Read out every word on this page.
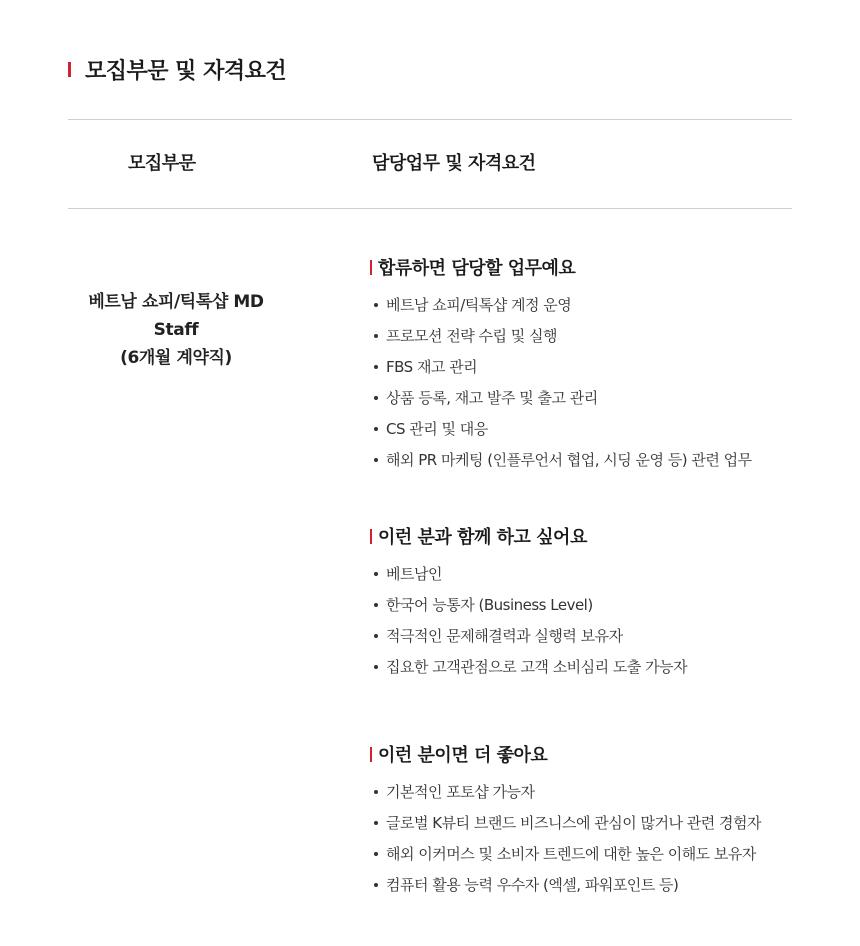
모집부문 및 자격요건
모집부문	담당업무 및 자격요건
베트남 쇼피/틱톡샵 MD
Staff
(6개월 계약직)
합류하면 담당할 업무예요
베트남 쇼피/틱톡샵 계정 운영
프로모션 전략 수립 및 실행
FBS 재고 관리
상품 등록, 재고 발주 및 출고 관리
CS 관리 및 대응
해외 PR 마케팅 (인플루언서 협업, 시딩 운영 등) 관련 업무
이런 분과 함께 하고 싶어요
베트남인
한국어 능통자 (Business Level)
적극적인 문제해결력과 실행력 보유자
집요한 고객관점으로 고객 소비심리 도출 가능자
이런 분이면 더 좋아요
기본적인 포토샵 가능자
글로벌 K뷰티 브랜드 비즈니스에 관심이 많거나 관련 경험자
해외 이커머스 및 소비자 트렌드에 대한 높은 이해도 보유자
컴퓨터 활용 능력 우수자 (엑셀, 파워포인트 등)
